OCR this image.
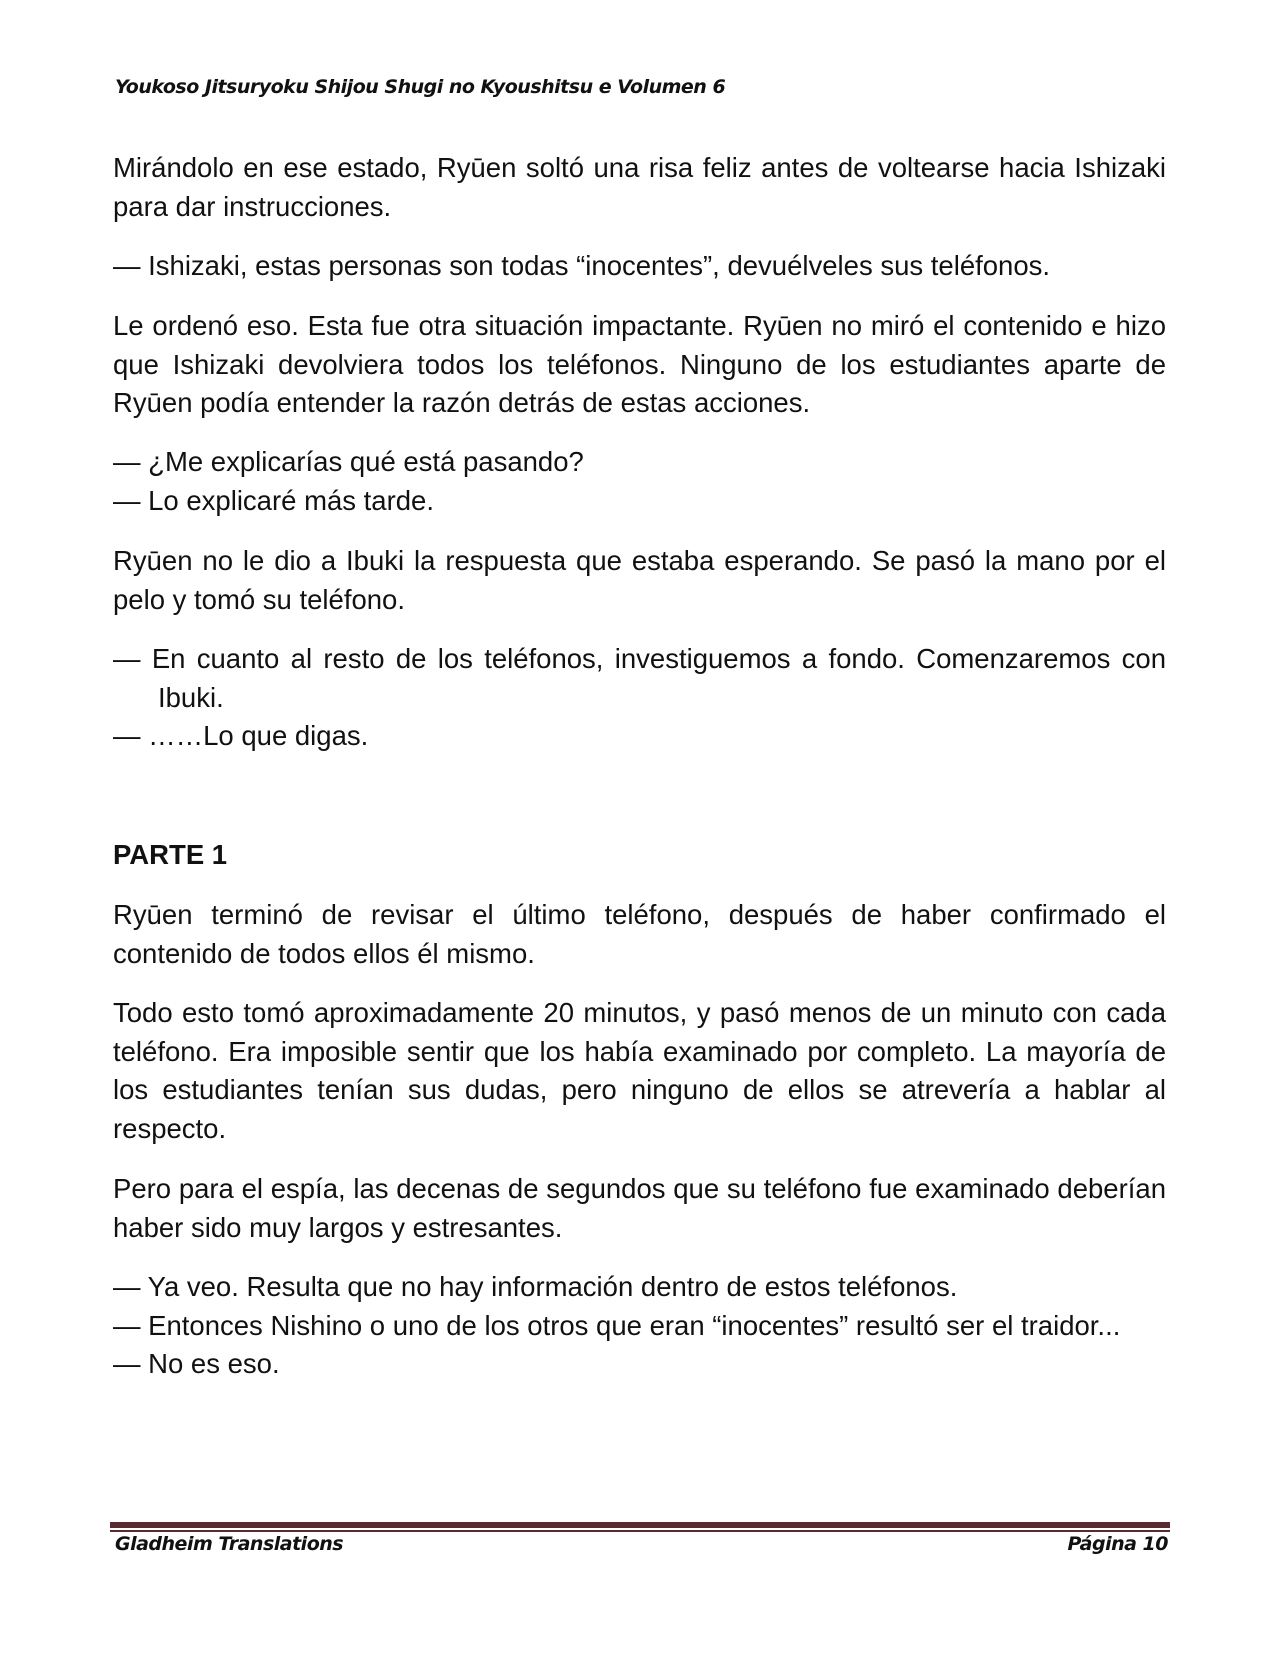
Youkoso Jitsuryoku Shijou Shugi no Kyoushitsu e Volumen 6
Mirándolo en ese estado, Ryūen soltó una risa feliz antes de voltearse hacia Ishizaki para dar instrucciones.
— Ishizaki, estas personas son todas “inocentes”, devuélveles sus teléfonos.
Le ordenó eso. Esta fue otra situación impactante. Ryūen no miró el contenido e hizo que Ishizaki devolviera todos los teléfonos. Ninguno de los estudiantes aparte de Ryūen podía entender la razón detrás de estas acciones.
— ¿Me explicarías qué está pasando?
— Lo explicaré más tarde.
Ryūen no le dio a Ibuki la respuesta que estaba esperando. Se pasó la mano por el pelo y tomó su teléfono.
— En cuanto al resto de los teléfonos, investiguemos a fondo. Comenzaremos con Ibuki.
— ……Lo que digas.
PARTE 1
Ryūen terminó de revisar el último teléfono, después de haber confirmado el contenido de todos ellos él mismo.
Todo esto tomó aproximadamente 20 minutos, y pasó menos de un minuto con cada teléfono. Era imposible sentir que los había examinado por completo. La mayoría de los estudiantes tenían sus dudas, pero ninguno de ellos se atrevería a hablar al respecto.
Pero para el espía, las decenas de segundos que su teléfono fue examinado deberían haber sido muy largos y estresantes.
— Ya veo. Resulta que no hay información dentro de estos teléfonos.
— Entonces Nishino o uno de los otros que eran “inocentes” resultó ser el traidor...
— No es eso.
Gladheim Translations	Página 10
